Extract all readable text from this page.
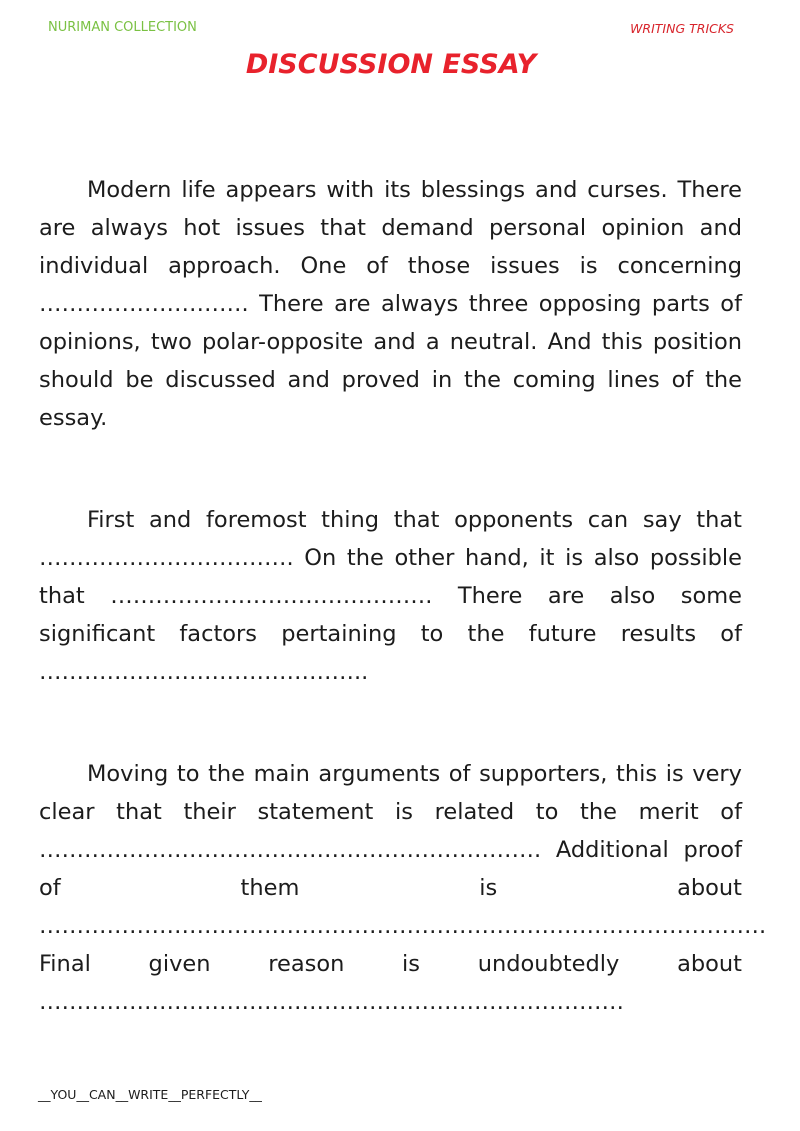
NURIMAN COLLECTION	WRITING TRICKS
DISCUSSION ESSAY

Modern life appears with its blessings and curses. There are always hot issues that demand personal opinion and individual approach. One of those issues is concerning ………………………. There are always three opposing parts of opinions, two polar-opposite and a neutral. And this position should be discussed and proved in the coming lines of the essay.

First and foremost thing that opponents can say that ……………………………. On the other hand, it is also possible that ……………………………………. There are also some significant factors pertaining to the future results of ……………………………………..

Moving to the main arguments of supporters, this is very clear that their statement is related to the merit of …………………………………………………………. Additional proof of them is about ……………………………………………………………………………………. Final given reason is undoubtedly about ……………………………………………………………………

__YOU__CAN__WRITE__PERFECTLY__
